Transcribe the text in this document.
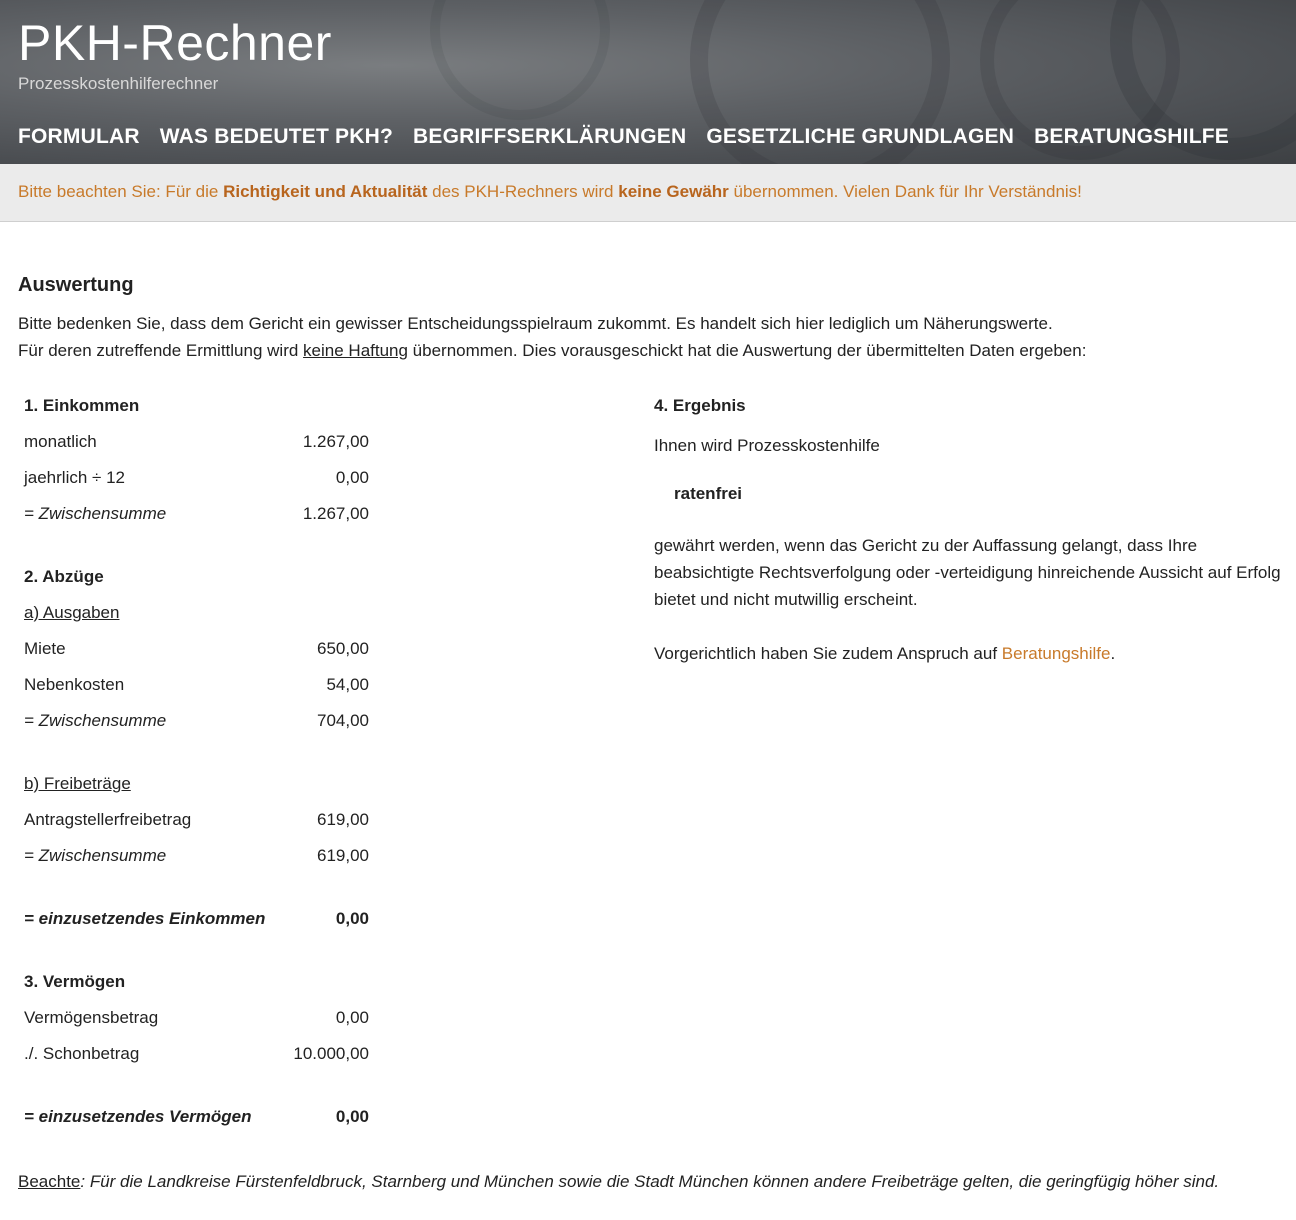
PKH-Rechner
Prozesskostenhilferechner
FORMULAR WAS BEDEUTET PKH? BEGRIFFSERKLÄRUNGEN GESETZLICHE GRUNDLAGEN BERATUNGSHILFE
Bitte beachten Sie: Für die Richtigkeit und Aktualität des PKH-Rechners wird keine Gewähr übernommen. Vielen Dank für Ihr Verständnis!
Auswertung
Bitte bedenken Sie, dass dem Gericht ein gewisser Entscheidungsspielraum zukommt. Es handelt sich hier lediglich um Näherungswerte.
Für deren zutreffende Ermittlung wird keine Haftung übernommen. Dies vorausgeschickt hat die Auswertung der übermittelten Daten ergeben:
1. Einkommen
monatlich	1.267,00
jaehrlich ÷ 12	0,00
= Zwischensumme	1.267,00
2. Abzüge
a) Ausgaben
Miete	650,00
Nebenkosten	54,00
= Zwischensumme	704,00
b) Freibeträge
Antragstellerfreibetrag	619,00
= Zwischensumme	619,00
= einzusetzendes Einkommen	0,00
3. Vermögen
Vermögensbetrag	0,00
./. Schonbetrag	10.000,00
= einzusetzendes Vermögen	0,00
4. Ergebnis
Ihnen wird Prozesskostenhilfe
ratenfrei
gewährt werden, wenn das Gericht zu der Auffassung gelangt, dass Ihre beabsichtigte Rechtsverfolgung oder -verteidigung hinreichende Aussicht auf Erfolg bietet und nicht mutwillig erscheint.
Vorgerichtlich haben Sie zudem Anspruch auf Beratungshilfe.
Beachte: Für die Landkreise Fürstenfeldbruck, Starnberg und München sowie die Stadt München können andere Freibeträge gelten, die geringfügig höher sind.
